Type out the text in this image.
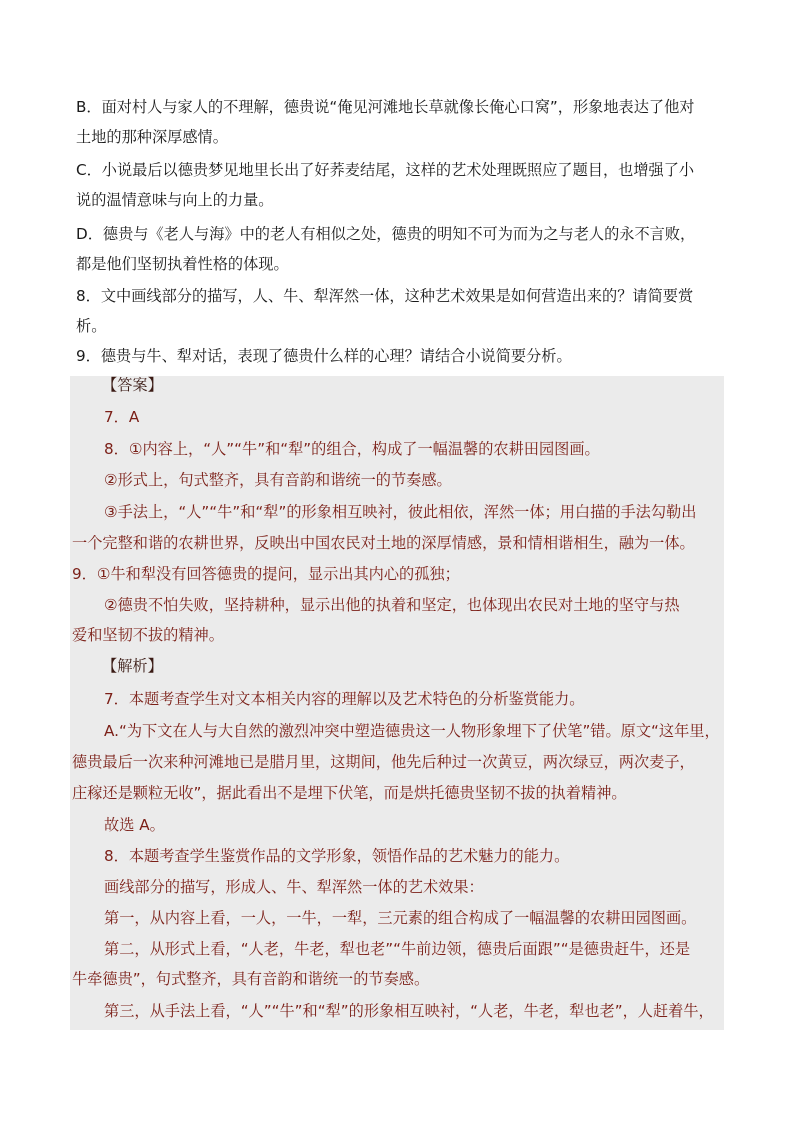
B．面对村人与家人的不理解，德贵说“俺见河滩地长草就像长俺心口窝”，形象地表达了他对
土地的那种深厚感情。
C．小说最后以德贵梦见地里长出了好荞麦结尾，这样的艺术处理既照应了题目，也增强了小
说的温情意味与向上的力量。
D．德贵与《老人与海》中的老人有相似之处，德贵的明知不可为而为之与老人的永不言败，
都是他们坚韧执着性格的体现。
8．文中画线部分的描写，人、牛、犁浑然一体，这种艺术效果是如何营造出来的？请简要赏
析。
9．德贵与牛、犁对话，表现了德贵什么样的心理？请结合小说简要分析。
【答案】
7．A
8．①内容上，“人”“牛”和“犁”的组合，构成了一幅温馨的农耕田园图画。
②形式上，句式整齐，具有音韵和谐统一的节奏感。
③手法上，“人”“牛”和“犁”的形象相互映衬，彼此相依，浑然一体；用白描的手法勾勒出
一个完整和谐的农耕世界，反映出中国农民对土地的深厚情感，景和情相谐相生，融为一体。
9．①牛和犁没有回答德贵的提问，显示出其内心的孤独；
②德贵不怕失败，坚持耕种，显示出他的执着和坚定，也体现出农民对土地的坚守与热
爱和坚韧不拔的精神。
【解析】
7．本题考查学生对文本相关内容的理解以及艺术特色的分析鉴赏能力。
A.“为下文在人与大自然的激烈冲突中塑造德贵这一人物形象埋下了伏笔”错。原文“这年里，
德贵最后一次来种河滩地已是腊月里，这期间，他先后种过一次黄豆，两次绿豆，两次麦子，
庄稼还是颗粒无收”，据此看出不是埋下伏笔，而是烘托德贵坚韧不拔的执着精神。
故选 A。
8．本题考查学生鉴赏作品的文学形象，领悟作品的艺术魅力的能力。
画线部分的描写，形成人、牛、犁浑然一体的艺术效果：
第一，从内容上看，一人，一牛，一犁，三元素的组合构成了一幅温馨的农耕田园图画。
第二，从形式上看，“人老，牛老，犁也老”“牛前边领，德贵后面跟”“是德贵赶牛，还是
牛牵德贵”，句式整齐，具有音韵和谐统一的节奏感。
第三，从手法上看，“人”“牛”和“犁”的形象相互映衬，“人老，牛老，犁也老”，人赶着牛，
